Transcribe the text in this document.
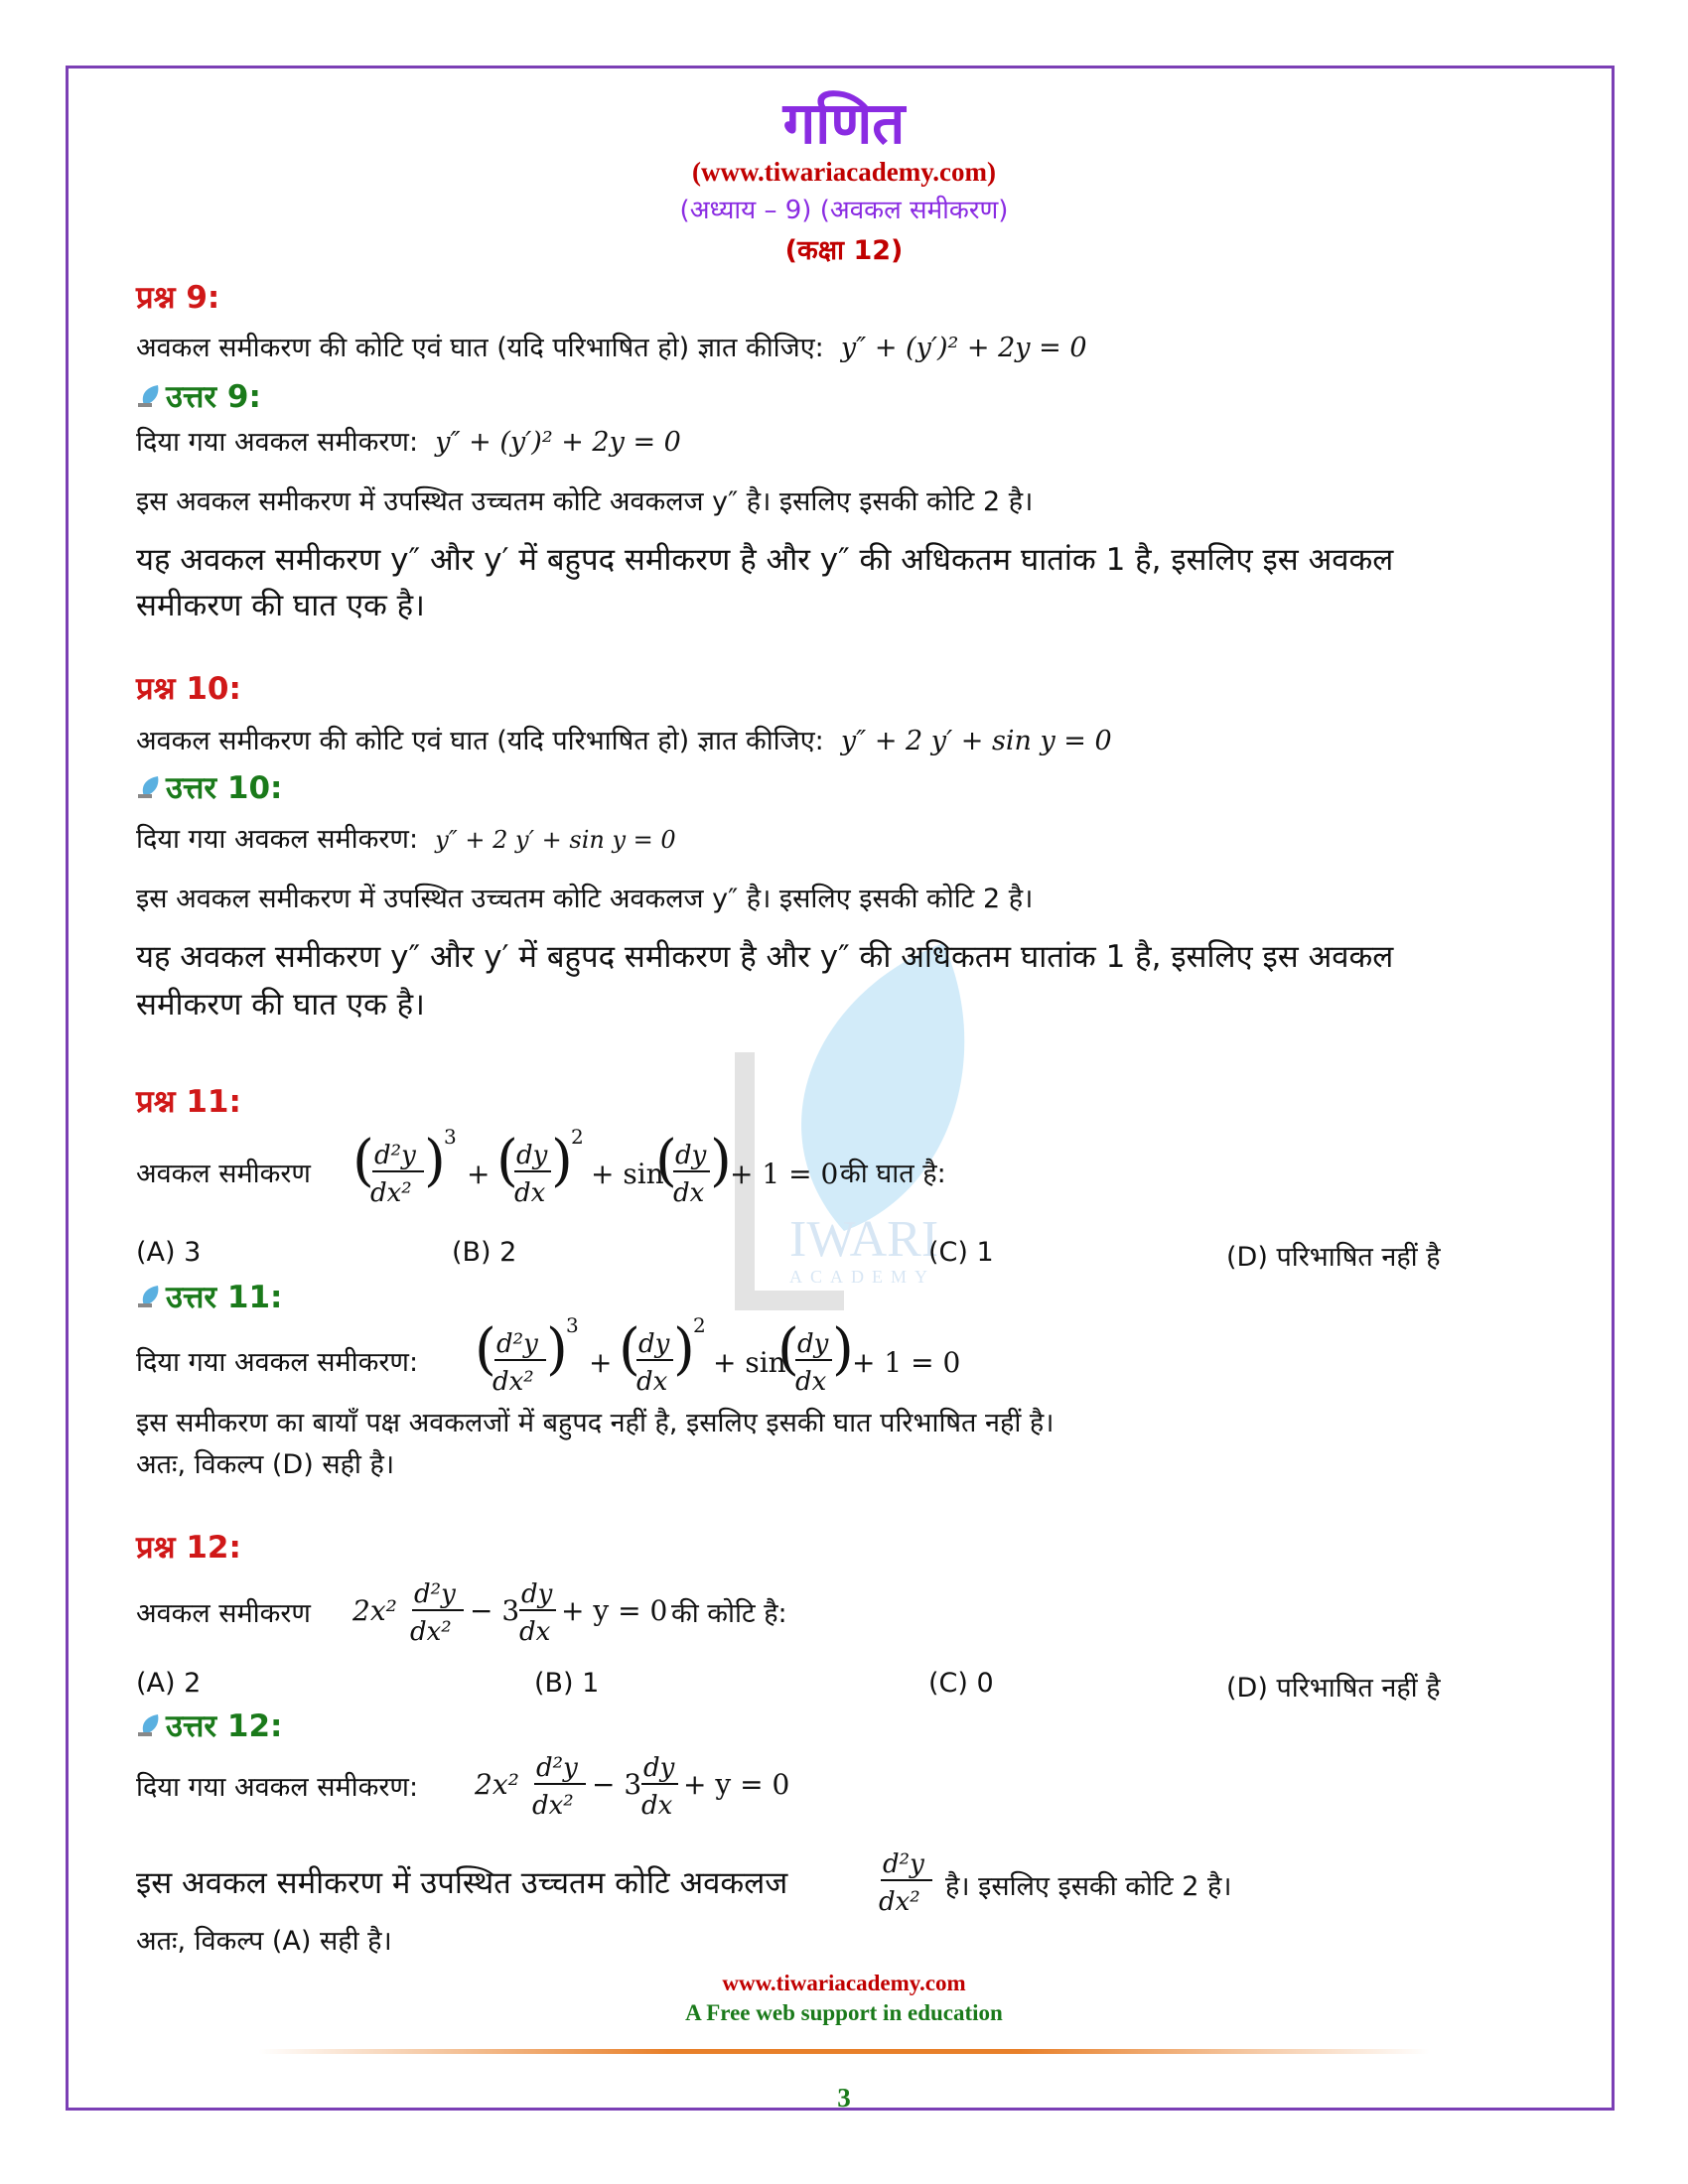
IWARI
ACADEMY
गणित
(www.tiwariacademy.com)
(अध्याय – 9) (अवकल समीकरण)
(कक्षा 12)
प्रश्न 9:
अवकल समीकरण की कोटि एवं घात (यदि परिभाषित हो) ज्ञात कीजिए: y″ + (y′)² + 2y = 0
उत्तर 9:
दिया गया अवकल समीकरण: y″ + (y′)² + 2y = 0
इस अवकल समीकरण में उपस्थित उच्चतम कोटि अवकलज y″ है। इसलिए इसकी कोटि 2 है।
यह अवकल समीकरण y″ और y′ में बहुपद समीकरण है और y″ की अधिकतम घातांक 1 है, इसलिए इस अवकल
समीकरण की घात एक है।
प्रश्न 10:
अवकल समीकरण की कोटि एवं घात (यदि परिभाषित हो) ज्ञात कीजिए: y″ + 2 y′ + sin y = 0
उत्तर 10:
दिया गया अवकल समीकरण: y″ + 2 y′ + sin y = 0
इस अवकल समीकरण में उपस्थित उच्चतम कोटि अवकलज y″ है। इसलिए इसकी कोटि 2 है।
यह अवकल समीकरण y″ और y′ में बहुपद समीकरण है और y″ की अधिकतम घातांक 1 है, इसलिए इस अवकल
समीकरण की घात एक है।
प्रश्न 11:
अवकल समीकरण ( d²y
dx² )
3
+ (
dy
dx )
2
+ sin
(
dy
dx )
+ 1 = 0 की घात है:
(A) 3	(B) 2	(C) 1	(D) परिभाषित नहीं है
उत्तर 11:
दिया गया अवकल समीकरण: ( d²y
dx² )
3
+ (
dy
dx )
2
+ sin
(
dy
dx )
+ 1 = 0
इस समीकरण का बायाँ पक्ष अवकलजों में बहुपद नहीं है, इसलिए इसकी घात परिभाषित नहीं है।
अतः, विकल्प (D) सही है।
प्रश्न 12:
अवकल समीकरण 2x² d²y
dx²
− 3 dy
dx
+ y = 0 की कोटि है:
(A) 2	(B) 1	(C) 0	(D) परिभाषित नहीं है
उत्तर 12:
दिया गया अवकल समीकरण: 2x² d²y
dx²
− 3 dy
dx
+ y = 0
इस अवकल समीकरण में उपस्थित उच्चतम कोटि अवकलज
d²y
dx² है। इसलिए इसकी कोटि 2 है।
अतः, विकल्प (A) सही है।
www.tiwariacademy.com
A Free web support in education
3
